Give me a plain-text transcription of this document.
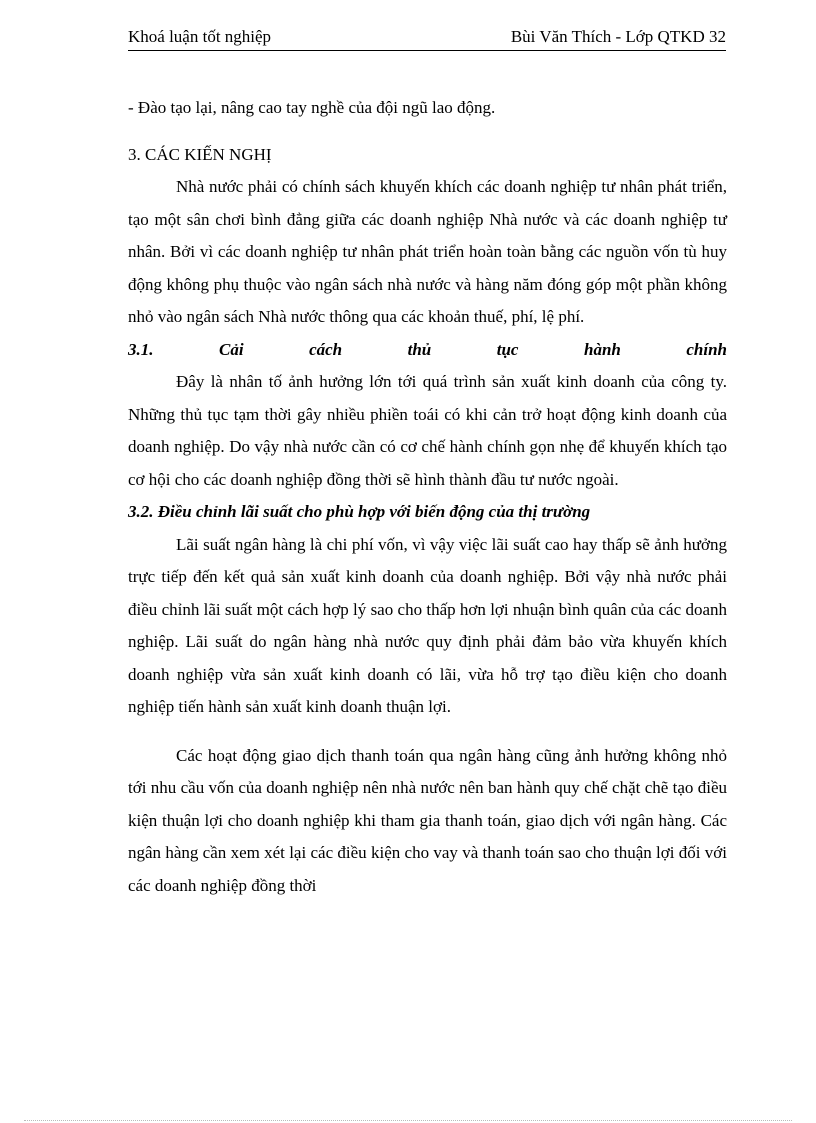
Khoá luận tốt nghiệp	Bùi Văn Thích - Lớp QTKD 32

- Đào tạo lại, nâng cao tay nghề của đội ngũ lao động.

3. CÁC KIẾN NGHỊ

Nhà nước phải có chính sách khuyến khích các doanh nghiệp tư nhân phát triển, tạo một sân chơi bình đẳng giữa các doanh nghiệp Nhà nước và các doanh nghiệp tư nhân. Bởi vì các doanh nghiệp tư nhân phát triển hoàn toàn bằng các nguồn vốn tù huy động không phụ thuộc vào ngân sách nhà nước và hàng năm đóng góp một phần không nhỏ vào ngân sách Nhà nước thông qua các khoản thuế, phí, lệ phí.

3.1.	Cải	cách	thủ	tục	hành	chính

Đây là nhân tố ảnh hưởng lớn tới quá trình sản xuất kinh doanh của công ty. Những thủ tục tạm thời gây nhiều phiền toái có khi cản trở hoạt động kinh doanh của doanh nghiệp. Do vậy nhà nước cần có cơ chế hành chính gọn nhẹ để khuyến khích tạo cơ hội cho các doanh nghiệp đồng thời sẽ hình thành đầu tư nước ngoài.

3.2. Điều chỉnh lãi suất cho phù hợp với biến động của thị trường

Lãi suất ngân hàng là chi phí vốn, vì vậy việc lãi suất cao hay thấp sẽ ảnh hưởng trực tiếp đến kết quả sản xuất kinh doanh của doanh nghiệp. Bởi vậy nhà nước phải điều chỉnh lãi suất một cách hợp lý sao cho thấp hơn lợi nhuận bình quân của các doanh nghiệp. Lãi suất do ngân hàng nhà nước quy định phải đảm bảo vừa khuyến khích doanh nghiệp vừa sản xuất kinh doanh có lãi, vừa hỗ trợ tạo điều kiện cho doanh nghiệp tiến hành sản xuất kinh doanh thuận lợi.

Các hoạt động giao dịch thanh toán qua ngân hàng cũng ảnh hưởng không nhỏ tới nhu cầu vốn của doanh nghiệp nên nhà nước nên ban hành quy chế chặt chẽ tạo điều kiện thuận lợi cho doanh nghiệp khi tham gia thanh toán, giao dịch với ngân hàng. Các ngân hàng cần xem xét lại các điều kiện cho vay và thanh toán sao cho thuận lợi đối với các doanh nghiệp đồng thời
